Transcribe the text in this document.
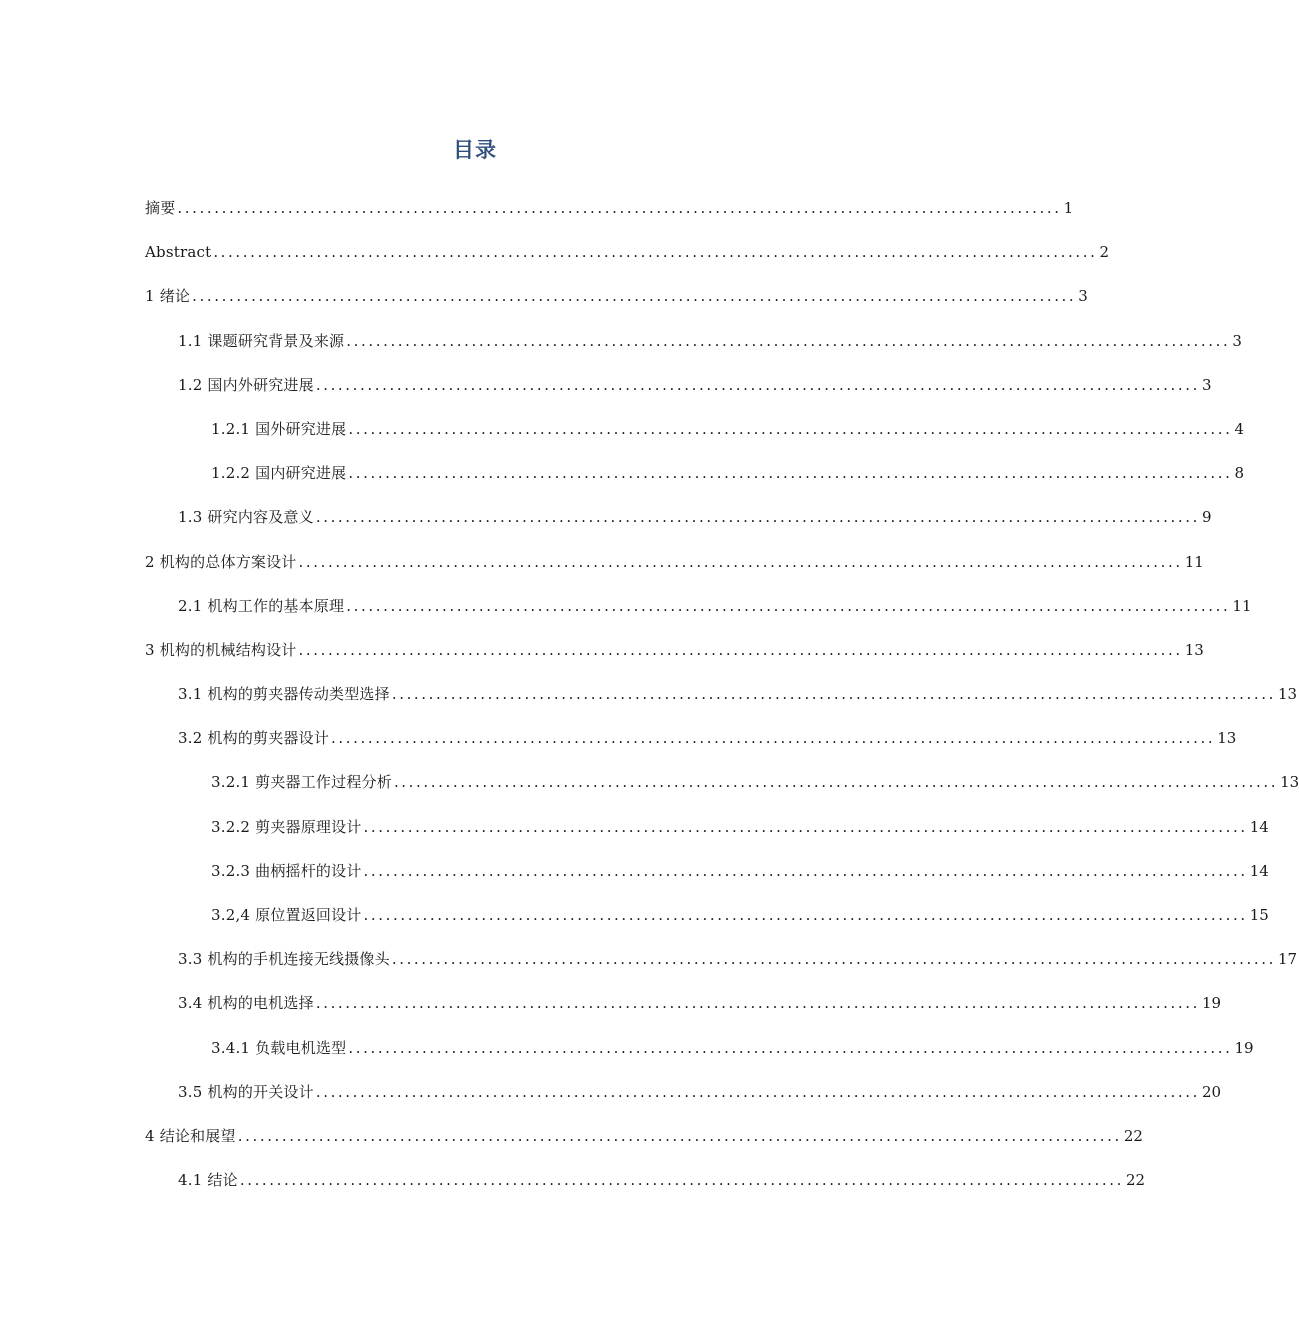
目录
摘要 ........................................................................................................................ 1
Abstract ........................................................................................................................ 2
1 绪论 ........................................................................................................................ 3
1.1 课题研究背景及来源 ........................................................................................................................ 3
1.2 国内外研究进展 ........................................................................................................................ 3
1.2.1 国外研究进展 ........................................................................................................................ 4
1.2.2 国内研究进展 ........................................................................................................................ 8
1.3 研究内容及意义 ........................................................................................................................ 9
2 机构的总体方案设计 ........................................................................................................................ 11
2.1 机构工作的基本原理 ........................................................................................................................ 11
3 机构的机械结构设计 ........................................................................................................................ 13
3.1 机构的剪夹器传动类型选择 ........................................................................................................................ 13
3.2 机构的剪夹器设计 ........................................................................................................................ 13
3.2.1 剪夹器工作过程分析 ........................................................................................................................ 13
3.2.2 剪夹器原理设计 ........................................................................................................................ 14
3.2.3 曲柄摇杆的设计 ........................................................................................................................ 14
3.2,4 原位置返回设计 ........................................................................................................................ 15
3.3 机构的手机连接无线摄像头 ........................................................................................................................ 17
3.4 机构的电机选择 ........................................................................................................................ 19
3.4.1 负载电机选型 ........................................................................................................................ 19
3.5 机构的开关设计 ........................................................................................................................ 20
4 结论和展望 ........................................................................................................................ 22
4.1 结论 ........................................................................................................................ 22
